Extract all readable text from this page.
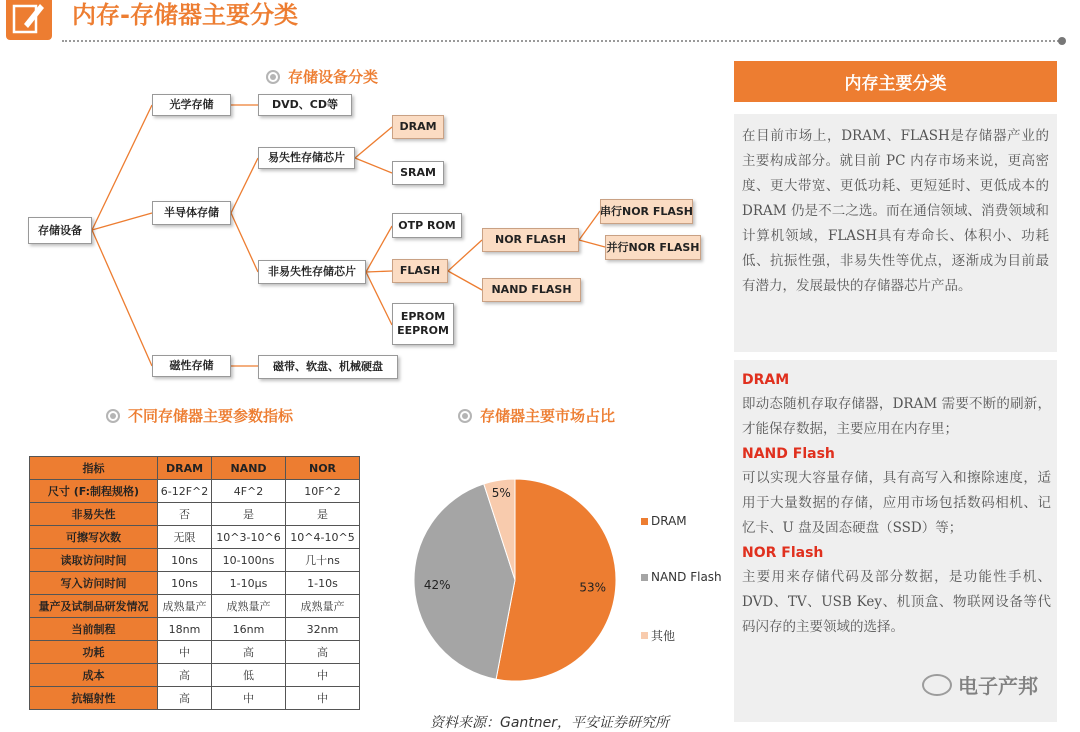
内存-存储器主要分类
存储设备分类
存储设备
光学存储	DVD、CD等
半导体存储
易失性存储芯片
DRAM
SRAM
非易失性存储芯片
OTP ROM
FLASH
EPROM
EEPROM
NOR FLASH
NAND FLASH
串行NOR FLASH
并行NOR FLASH
磁性存储	磁带、软盘、机械硬盘
不同存储器主要参数指标
指标	DRAM	NAND	NOR
尺寸 (F:制程规格)	6-12F^2	4F^2	10F^2
非易失性	否	是	是
可擦写次数	无限	10^3-10^6	10^4-10^5
读取访问时间	10ns	10-100ns	几十ns
写入访问时间	10ns	1-10μs	1-10s
量产及试制品研发情况	成熟量产	成熟量产	成熟量产
当前制程	18nm	16nm	32nm
功耗	中	高	高
成本	高	低	中
抗辐射性	高	中	中
存储器主要市场占比
53%
42%
5%
DRAM
NAND Flash
其他
资料来源：Gantner，平安证券研究所
内存主要分类
在目前市场上，DRAM、FLASH是存储器产业的主要构成部分。就目前 PC 内存市场来说，更高密度、更大带宽、更低功耗、更短延时、更低成本的DRAM 仍是不二之选。而在通信领域、消费领域和计算机领域，FLASH具有寿命长、体积小、功耗低、抗振性强，非易失性等优点，逐渐成为目前最有潜力，发展最快的存储器芯片产品。
DRAM
即动态随机存取存储器，DRAM 需要不断的刷新，才能保存数据，主要应用在内存里；
NAND Flash
可以实现大容量存储，具有高写入和擦除速度，适用于大量数据的存储，应用市场包括数码相机、记忆卡、U 盘及固态硬盘（SSD）等；
NOR Flash
主要用来存储代码及部分数据，是功能性手机、DVD、TV、USB Key、机顶盒、物联网设备等代码闪存的主要领域的选择。
电子产邦
